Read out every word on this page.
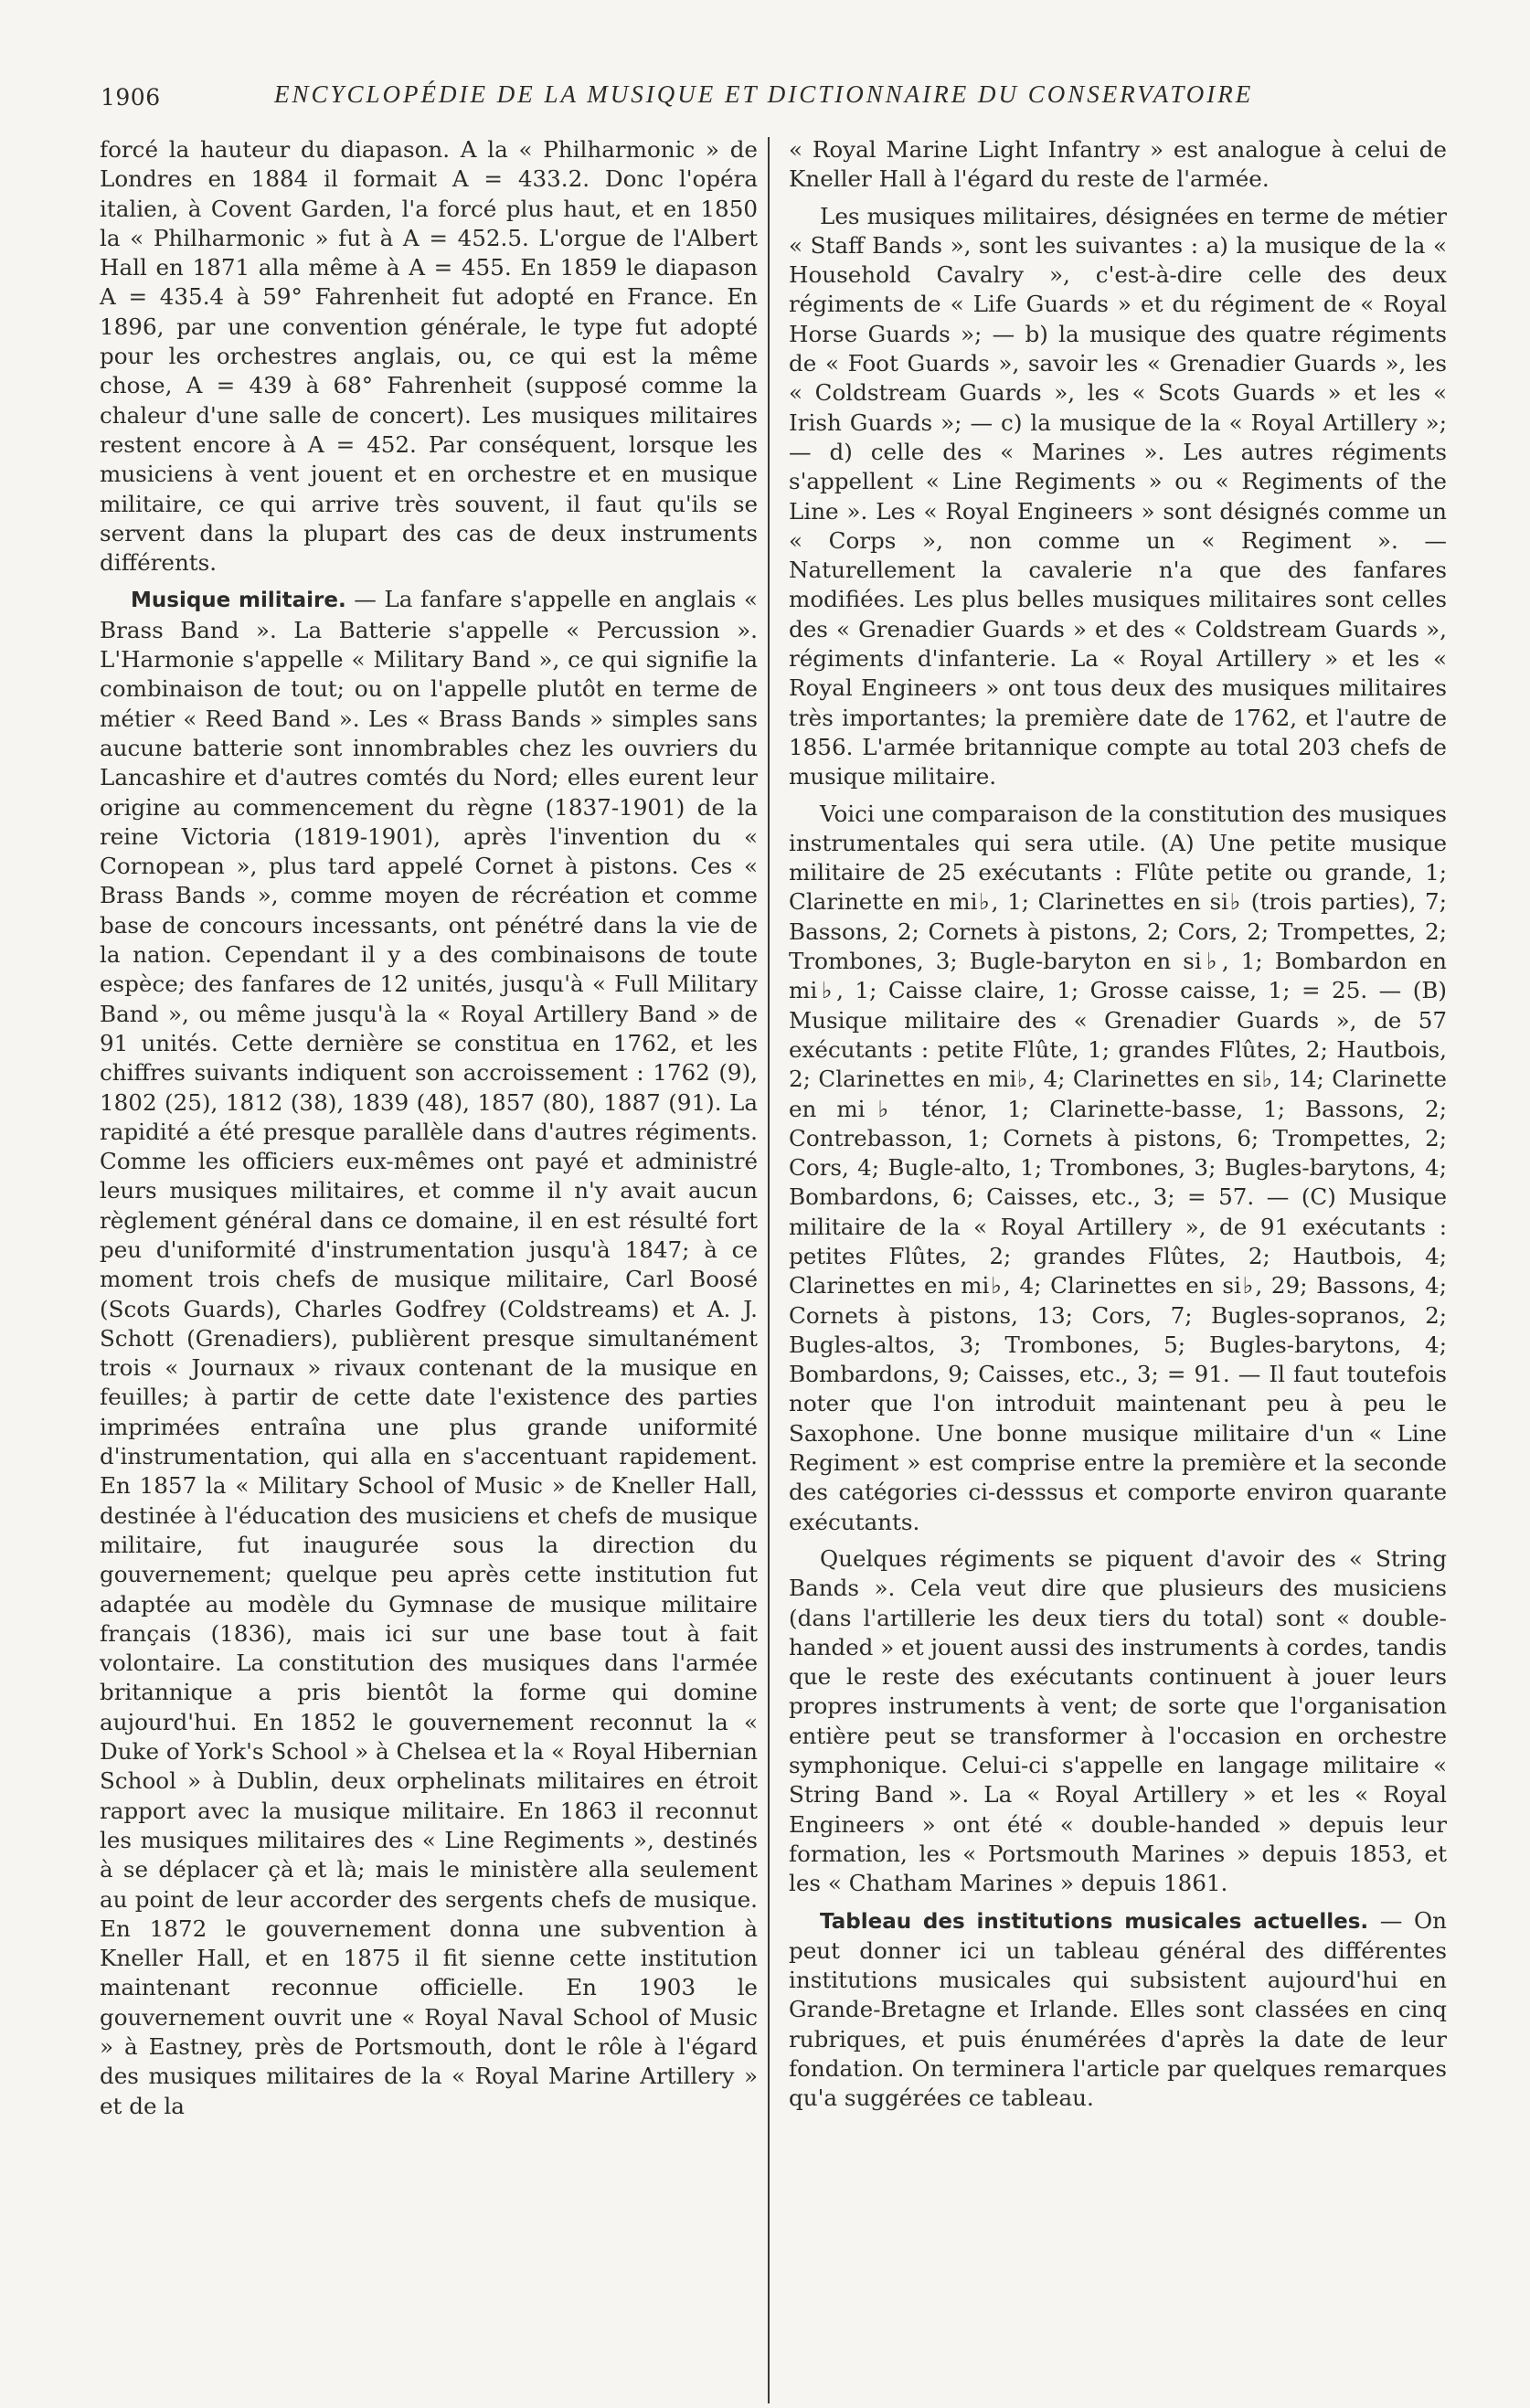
1906	ENCYCLOPÉDIE DE LA MUSIQUE ET DICTIONNAIRE DU CONSERVATOIRE

forcé la hauteur du diapason. A la « Philharmonic » de Londres en 1884 il formait A = 433.2. Donc l'opéra italien, à Covent Garden, l'a forcé plus haut, et en 1850 la « Philharmonic » fut à A = 452.5. L'orgue de l'Albert Hall en 1871 alla même à A = 455. En 1859 le diapason A = 435.4 à 59° Fahrenheit fut adopté en France. En 1896, par une convention générale, le type fut adopté pour les orchestres anglais, ou, ce qui est la même chose, A = 439 à 68° Fahrenheit (supposé comme la chaleur d'une salle de concert). Les musiques militaires restent encore à A = 452. Par conséquent, lorsque les musiciens à vent jouent et en orchestre et en musique militaire, ce qui arrive très souvent, il faut qu'ils se servent dans la plupart des cas de deux instruments différents.

Musique militaire. — La fanfare s'appelle en anglais « Brass Band ». La Batterie s'appelle « Percussion ». L'Harmonie s'appelle « Military Band », ce qui signifie la combinaison de tout; ou on l'appelle plutôt en terme de métier « Reed Band ». Les « Brass Bands » simples sans aucune batterie sont innombrables chez les ouvriers du Lancashire et d'autres comtés du Nord; elles eurent leur origine au commencement du règne (1837-1901) de la reine Victoria (1819-1901), après l'invention du « Cornopean », plus tard appelé Cornet à pistons. Ces « Brass Bands », comme moyen de récréation et comme base de concours incessants, ont pénétré dans la vie de la nation. Cependant il y a des combinaisons de toute espèce; des fanfares de 12 unités, jusqu'à « Full Military Band », ou même jusqu'à la « Royal Artillery Band » de 91 unités. Cette dernière se constitua en 1762, et les chiffres suivants indiquent son accroissement : 1762 (9), 1802 (25), 1812 (38), 1839 (48), 1857 (80), 1887 (91). La rapidité a été presque parallèle dans d'autres régiments. Comme les officiers eux-mêmes ont payé et administré leurs musiques militaires, et comme il n'y avait aucun règlement général dans ce domaine, il en est résulté fort peu d'uniformité d'instrumentation jusqu'à 1847; à ce moment trois chefs de musique militaire, Carl Boosé (Scots Guards), Charles Godfrey (Coldstreams) et A. J. Schott (Grenadiers), publièrent presque simultanément trois « Journaux » rivaux contenant de la musique en feuilles; à partir de cette date l'existence des parties imprimées entraîna une plus grande uniformité d'instrumentation, qui alla en s'accentuant rapidement. En 1857 la « Military School of Music » de Kneller Hall, destinée à l'éducation des musiciens et chefs de musique militaire, fut inaugurée sous la direction du gouvernement; quelque peu après cette institution fut adaptée au modèle du Gymnase de musique militaire français (1836), mais ici sur une base tout à fait volontaire. La constitution des musiques dans l'armée britannique a pris bientôt la forme qui domine aujourd'hui. En 1852 le gouvernement reconnut la « Duke of York's School » à Chelsea et la « Royal Hibernian School » à Dublin, deux orphelinats militaires en étroit rapport avec la musique militaire. En 1863 il reconnut les musiques militaires des « Line Regiments », destinés à se déplacer çà et là; mais le ministère alla seulement au point de leur accorder des sergents chefs de musique. En 1872 le gouvernement donna une subvention à Kneller Hall, et en 1875 il fit sienne cette institution maintenant reconnue officielle. En 1903 le gouvernement ouvrit une « Royal Naval School of Music » à Eastney, près de Portsmouth, dont le rôle à l'égard des musiques militaires de la « Royal Marine Artillery » et de la

« Royal Marine Light Infantry » est analogue à celui de Kneller Hall à l'égard du reste de l'armée.

Les musiques militaires, désignées en terme de métier « Staff Bands », sont les suivantes : a) la musique de la « Household Cavalry », c'est-à-dire celle des deux régiments de « Life Guards » et du régiment de « Royal Horse Guards »; — b) la musique des quatre régiments de « Foot Guards », savoir les « Grenadier Guards », les « Coldstream Guards », les « Scots Guards » et les « Irish Guards »; — c) la musique de la « Royal Artillery »; — d) celle des « Marines ». Les autres régiments s'appellent « Line Regiments » ou « Regiments of the Line ». Les « Royal Engineers » sont désignés comme un « Corps », non comme un « Regiment ». — Naturellement la cavalerie n'a que des fanfares modifiées. Les plus belles musiques militaires sont celles des « Grenadier Guards » et des « Coldstream Guards », régiments d'infanterie. La « Royal Artillery » et les « Royal Engineers » ont tous deux des musiques militaires très importantes; la première date de 1762, et l'autre de 1856. L'armée britannique compte au total 203 chefs de musique militaire.

Voici une comparaison de la constitution des musiques instrumentales qui sera utile. (A) Une petite musique militaire de 25 exécutants : Flûte petite ou grande, 1; Clarinette en mi♭, 1; Clarinettes en si♭ (trois parties), 7; Bassons, 2; Cornets à pistons, 2; Cors, 2; Trompettes, 2; Trombones, 3; Bugle-baryton en si♭, 1; Bombardon en mi♭, 1; Caisse claire, 1; Grosse caisse, 1; = 25. — (B) Musique militaire des « Grenadier Guards », de 57 exécutants : petite Flûte, 1; grandes Flûtes, 2; Hautbois, 2; Clarinettes en mi♭, 4; Clarinettes en si♭, 14; Clarinette en mi♭ ténor, 1; Clarinette-basse, 1; Bassons, 2; Contrebasson, 1; Cornets à pistons, 6; Trompettes, 2; Cors, 4; Bugle-alto, 1; Trombones, 3; Bugles-barytons, 4; Bombardons, 6; Caisses, etc., 3; = 57. — (C) Musique militaire de la « Royal Artillery », de 91 exécutants : petites Flûtes, 2; grandes Flûtes, 2; Hautbois, 4; Clarinettes en mi♭, 4; Clarinettes en si♭, 29; Bassons, 4; Cornets à pistons, 13; Cors, 7; Bugles-sopranos, 2; Bugles-altos, 3; Trombones, 5; Bugles-barytons, 4; Bombardons, 9; Caisses, etc., 3; = 91. — Il faut toutefois noter que l'on introduit maintenant peu à peu le Saxophone. Une bonne musique militaire d'un « Line Regiment » est comprise entre la première et la seconde des catégories ci-desssus et comporte environ quarante exécutants.

Quelques régiments se piquent d'avoir des « String Bands ». Cela veut dire que plusieurs des musiciens (dans l'artillerie les deux tiers du total) sont « double-handed » et jouent aussi des instruments à cordes, tandis que le reste des exécutants continuent à jouer leurs propres instruments à vent; de sorte que l'organisation entière peut se transformer à l'occasion en orchestre symphonique. Celui-ci s'appelle en langage militaire « String Band ». La « Royal Artillery » et les « Royal Engineers » ont été « double-handed » depuis leur formation, les « Portsmouth Marines » depuis 1853, et les « Chatham Marines » depuis 1861.

Tableau des institutions musicales actuelles. — On peut donner ici un tableau général des différentes institutions musicales qui subsistent aujourd'hui en Grande-Bretagne et Irlande. Elles sont classées en cinq rubriques, et puis énumérées d'après la date de leur fondation. On terminera l'article par quelques remarques qu'a suggérées ce tableau.
